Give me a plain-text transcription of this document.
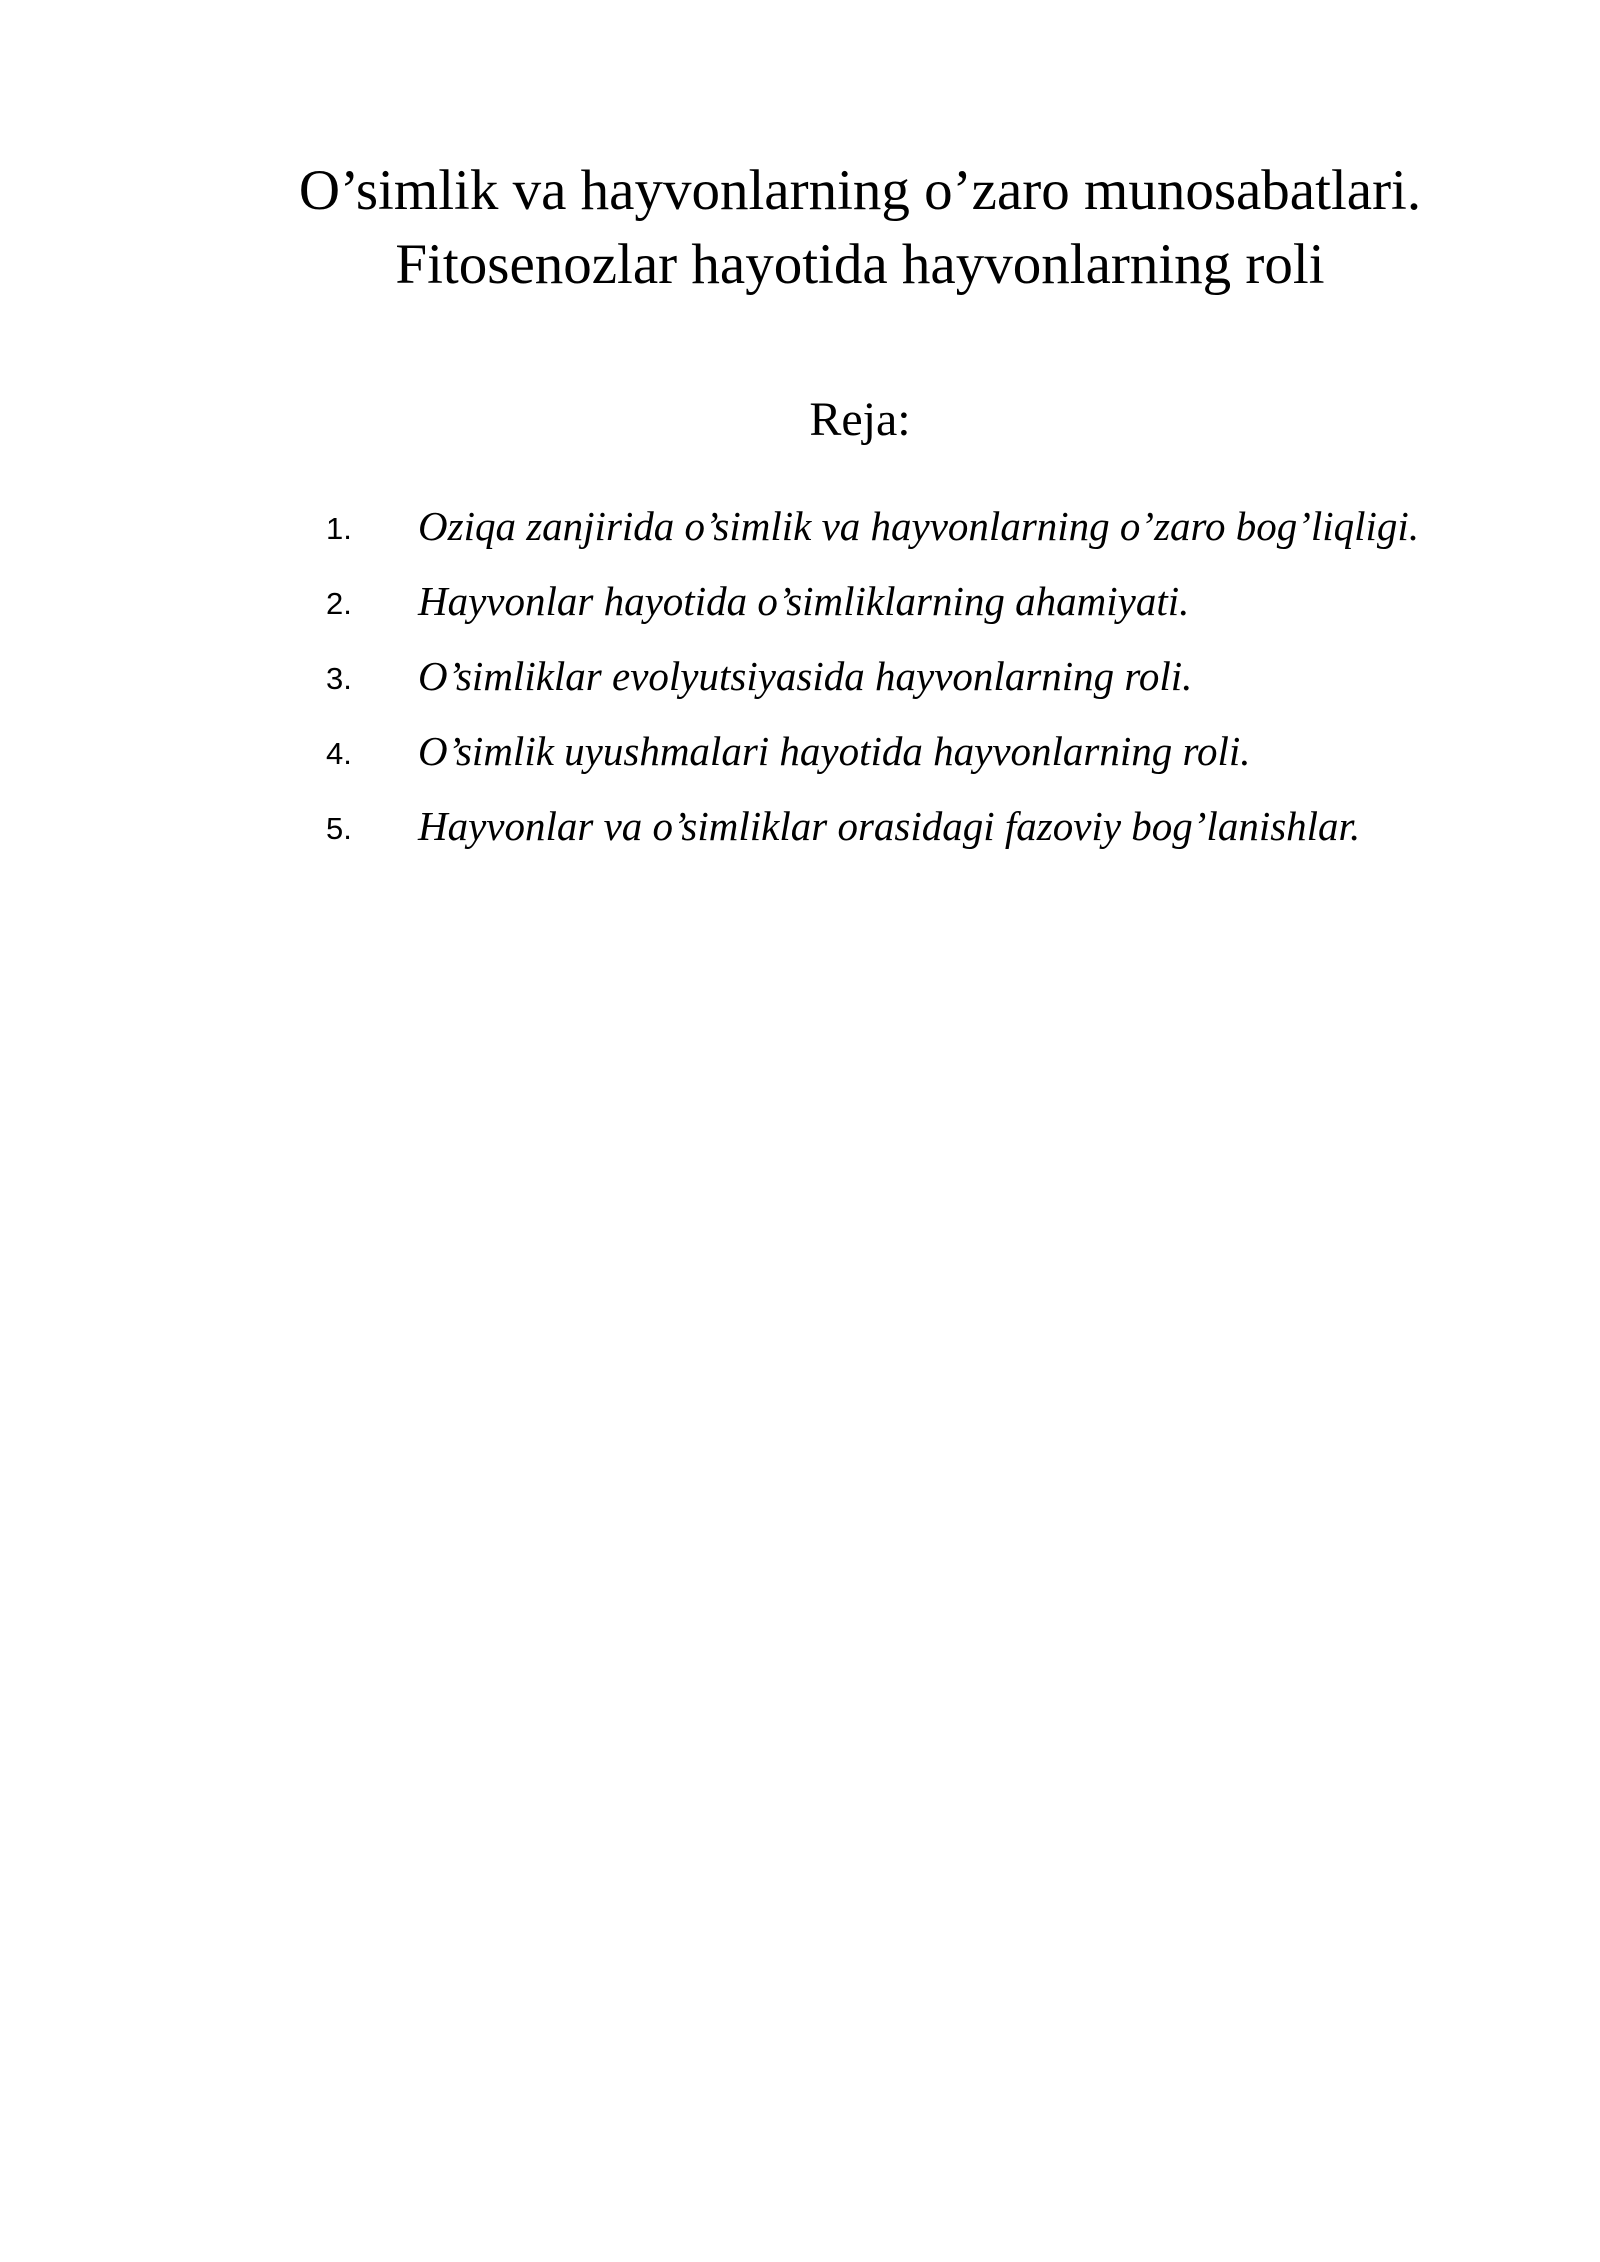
O’simlik va hayvonlarning o’zaro munosabatlari.
Fitosenozlar hayotida hayvonlarning roli
Reja:
1. Oziqa zanjirida o’simlik va hayvonlarning o’zaro bog’liqligi.
2. Hayvonlar hayotida o’simliklarning ahamiyati.
3. O’simliklar evolyutsiyasida hayvonlarning roli.
4. O’simlik uyushmalari hayotida hayvonlarning roli.
5. Hayvonlar va o’simliklar orasidagi fazoviy bog’lanishlar.
